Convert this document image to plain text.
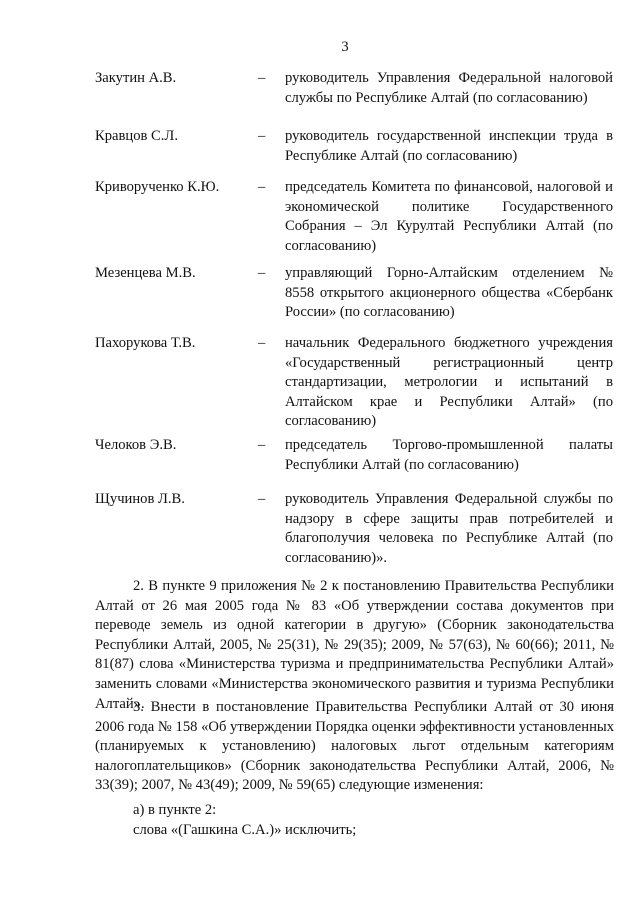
3
Закутин А.В.	– руководитель Управления Федеральной налоговой службы по Республике Алтай (по согласованию)
Кравцов С.Л.	– руководитель государственной инспекции труда в Республике Алтай (по согласованию)
Криворученко К.Ю.	– председатель Комитета по финансовой, налоговой и экономической политике Государственного Собрания – Эл Курултай Республики Алтай (по согласованию)
Мезенцева М.В.	– управляющий Горно-Алтайским отделением № 8558 открытого акционерного общества «Сбербанк России» (по согласованию)
Пахорукова Т.В.	– начальник Федерального бюджетного учреждения «Государственный регистрационный центр стандартизации, метрологии и испытаний в Алтайском крае и Республики Алтай» (по согласованию)
Челоков Э.В.	– председатель Торгово-промышленной палаты Республики Алтай (по согласованию)
Щучинов Л.В.	– руководитель Управления Федеральной службы по надзору в сфере защиты прав потребителей и благополучия человека по Республике Алтай (по согласованию)».
2. В пункте 9 приложения № 2 к постановлению Правительства Республики Алтай от 26 мая 2005 года № 83 «Об утверждении состава документов при переводе земель из одной категории в другую» (Сборник законодательства Республики Алтай, 2005, № 25(31), № 29(35); 2009, № 57(63), № 60(66); 2011, № 81(87) слова «Министерства туризма и предпринимательства Республики Алтай» заменить словами «Министерства экономического развития и туризма Республики Алтай».
3. Внести в постановление Правительства Республики Алтай от 30 июня 2006 года № 158 «Об утверждении Порядка оценки эффективности установленных (планируемых к установлению) налоговых льгот отдельным категориям налогоплательщиков» (Сборник законодательства Республики Алтай, 2006, № 33(39); 2007, № 43(49); 2009, № 59(65) следующие изменения:
а) в пункте 2:
слова «(Гашкина С.А.)» исключить;
